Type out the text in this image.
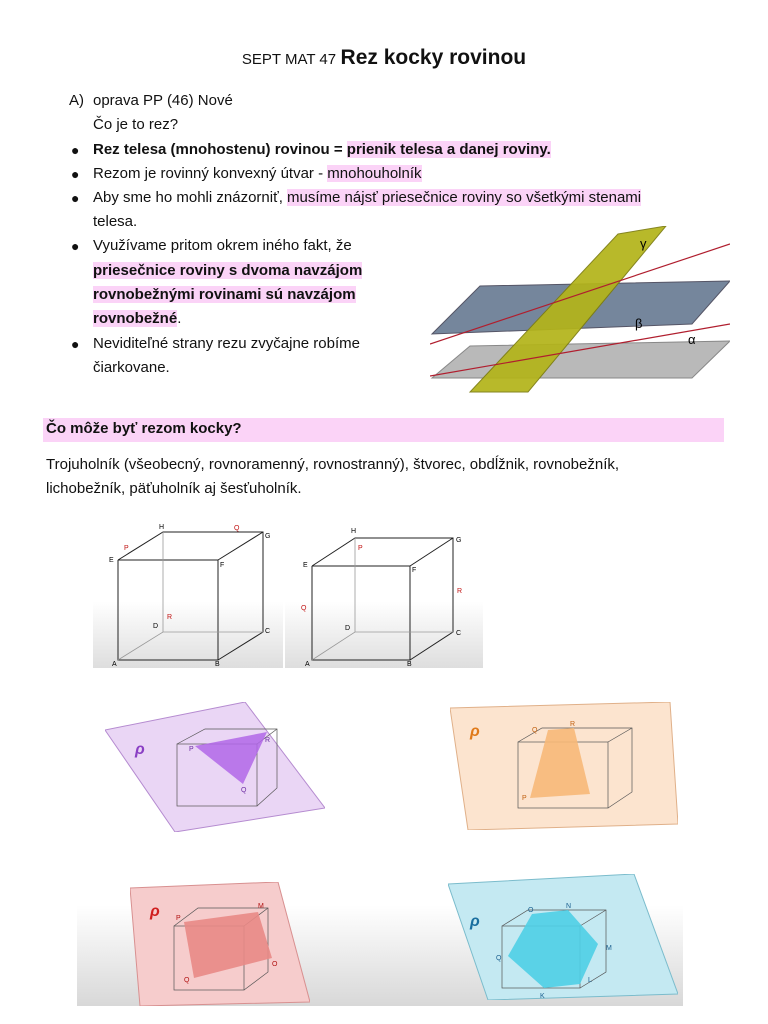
SEPT MAT 47 Rez kocky rovinou
A) oprava PP (46) Nové
Čo je to rez?
● Rez telesa (mnohostenu) rovinou = prienik telesa a danej roviny.
● Rezom je rovinný konvexný útvar - mnohouholník
● Aby sme ho mohli znázorniť, musíme nájsť priesečnice roviny so všetkými stenami
telesa.
● Využívame pritom okrem iného fakt, že
priesečnice roviny s dvoma navzájom
rovnobežnými rovinami sú navzájom
rovnobežné.
● Neviditeľné strany rezu zvyčajne robíme
čiarkovane.
γ
β
α
Čo môže byť rezom kocky?
Trojuholník (všeobecný, rovnoramenný, rovnostranný), štvorec, obdĺžnik, rovnobežník,
lichobežník, päťuholník aj šesťuholník.
A	B
C
D
E
F
G
H
P
Q
R
A	B
C
D
E
F
G
H
P
Q
R
ρ	P
R
Q
ρ	Q
R
P
ρ P
M
O
Q
ρ
N
O
M
Q
L
K
